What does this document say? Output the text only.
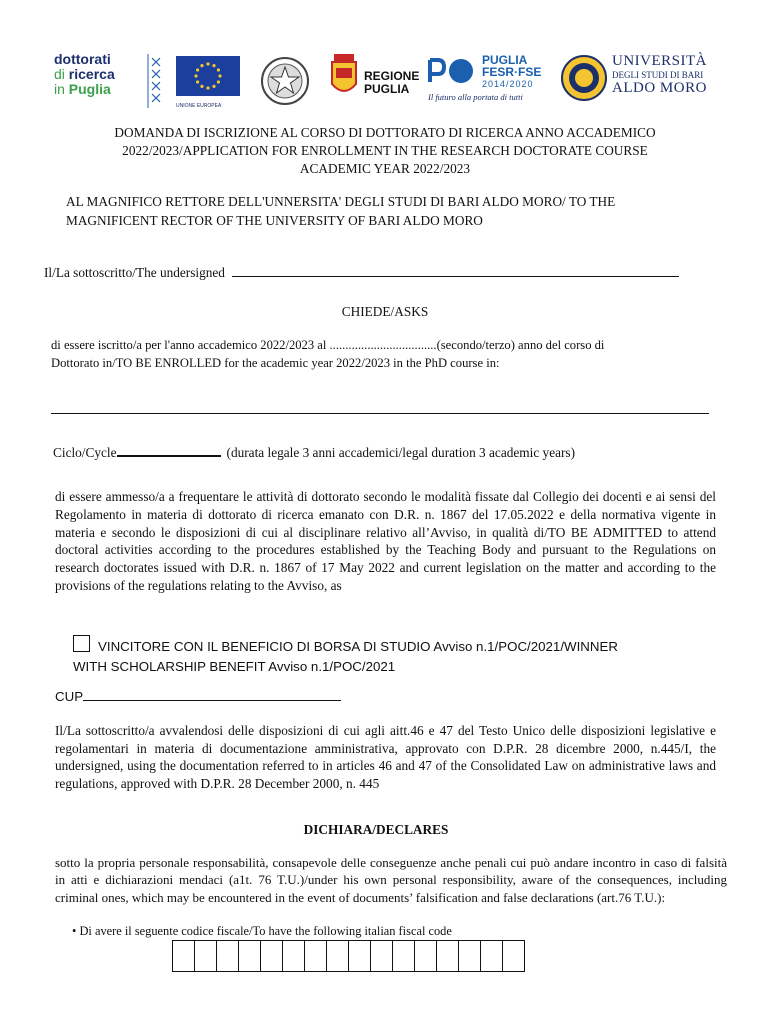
dottorati
di ricerca
in Puglia
UNIONE EUROPEA
REGIONE
PUGLIA
PUGLIA
FESR·FSE
2014/2020
Il futuro alla portata di tutti
UNIVERSITÀ
DEGLI STUDI DI BARI
ALDO MORO
DOMANDA DI ISCRIZIONE AL CORSO DI DOTTORATO DI RICERCA ANNO ACCADEMICO
2022/2023/APPLICATION FOR ENROLLMENT IN THE RESEARCH DOCTORATE COURSE
ACADEMIC YEAR 2022/2023
AL MAGNIFICO RETTORE DELL'UNNERSITA' DEGLI STUDI DI BARI ALDO MORO/ TO THE
MAGNIFICENT RECTOR OF THE UNIVERSITY OF BARI ALDO MORO
Il/La sottoscritto/The undersigned
CHIEDE/ASKS
di essere iscritto/a per l'anno accademico 2022/2023 al ..................................(secondo/terzo) anno del corso di
Dottorato in/TO BE ENROLLED for the academic year 2022/2023 in the PhD course in:
Ciclo/Cycle	(durata legale 3 anni accademici/legal duration 3 academic years)
di essere ammesso/a a frequentare le attività di dottorato secondo le modalità fissate dal Collegio dei docenti e ai sensi del Regolamento in materia di dottorato di ricerca emanato con D.R. n. 1867 del 17.05.2022 e della normativa vigente in materia e secondo le disposizioni di cui al disciplinare relativo all’Avviso, in qualità di/TO BE ADMITTED to attend doctoral activities according to the procedures established by the Teaching Body and pursuant to the Regulations on research doctorates issued with D.R. n. 1867 of 17 May 2022 and current legislation on the matter and according to the provisions of the regulations relating to the Avviso, as
VINCITORE CON IL BENEFICIO DI BORSA DI STUDIO Avviso n.1/POC/2021/WINNER
WITH SCHOLARSHIP BENEFIT Avviso n.1/POC/2021
CUP
Il/La sottoscritto/a avvalendosi delle disposizioni di cui agli aitt.46 e 47 del Testo Unico delle disposizioni legislative e regolamentari in materia di documentazione amministrativa, approvato con D.P.R. 28 dicembre 2000, n.445/I, the undersigned, using the documentation referred to in articles 46 and 47 of the Consolidated Law on administrative laws and regulations, approved with D.P.R. 28 December 2000, n. 445
DICHIARA/DECLARES
sotto la propria personale responsabilità, consapevole delle conseguenze anche penali cui può andare incontro in caso di falsità in atti e dichiarazioni mendaci (a1t. 76 T.U.)/under his own personal responsibility, aware of the consequences, including criminal ones, which may be encountered in the event of documents’ falsification and false declarations (art.76 T.U.):
• Di avere il seguente codice fiscale/To have the following italian fiscal code
